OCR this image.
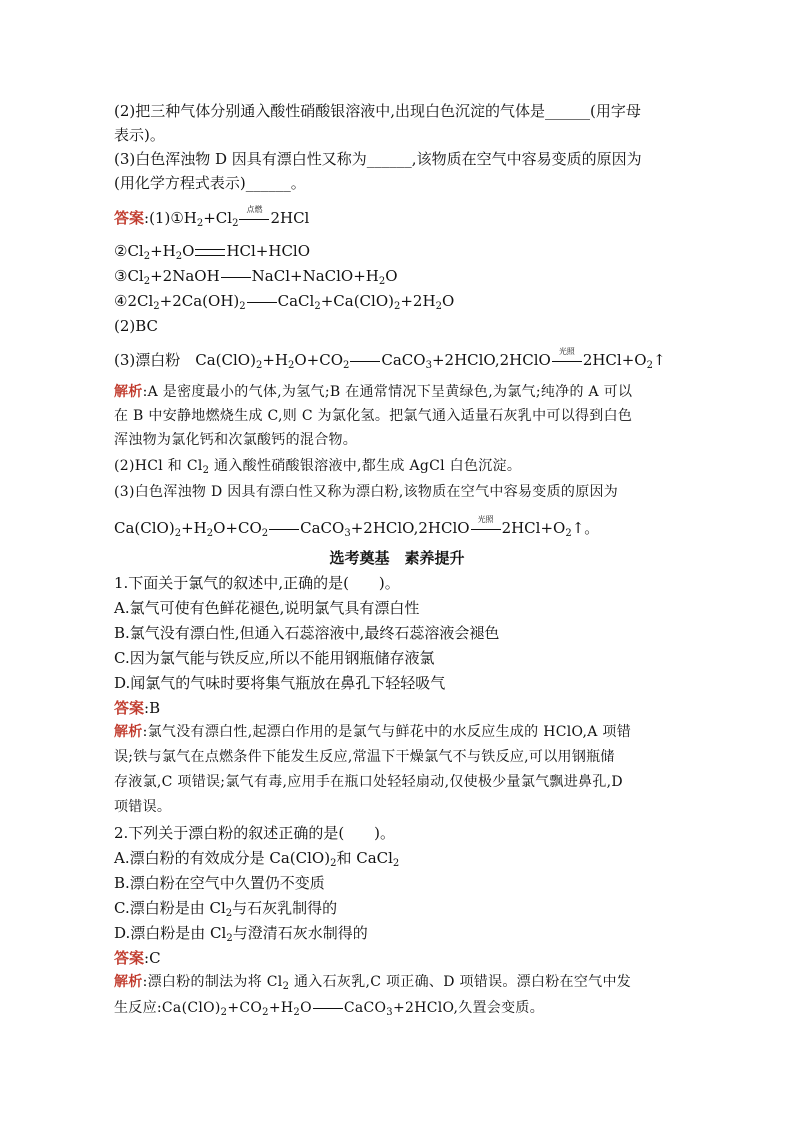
(2)把三种气体分别通入酸性硝酸银溶液中,出现白色沉淀的气体是______(用字母
表示)。
(3)白色浑浊物 D 因具有漂白性又称为______,该物质在空气中容易变质的原因为
(用化学方程式表示)______。
答案$:(1)①H_2+Cl_2$
点燃 2HCl
$②Cl_2+H_2O$ HCl+HClO
$③Cl_2+2NaOH$ $NaCl+NaClO+H_2O$
$④2Cl_2+2Ca(OH)_2$ $CaCl_2+Ca(ClO)_2+2H_2O$
(2)BC
(3)漂白粉　$Ca(ClO)_2+H_2O+CO_2$ CaCO$_3$+2HClO,2HClO	光照 $2HCl+O_2↑$
解析:A 是密度最小的气体,为氢气;B 在通常情况下呈黄绿色,为氯气;纯净的 A 可以
在 B 中安静地燃烧生成 C,则 C 为氯化氢。把氯气通入适量石灰乳中可以得到白色
浑浊物为氯化钙和次氯酸钙的混合物。
(2)HCl 和 $Cl_2$ 通入酸性硝酸银溶液中,都生成 AgCl 白色沉淀。
(3)白色浑浊物 D 因具有漂白性又称为漂白粉,该物质在空气中容易变质的原因为
$Ca(ClO)_2+H_2O+CO_2$ CaCO$_3$+2HClO,2HClO	光照 $2HCl+O_2↑$。
选考奠基　素养提升
1.下面关于氯气的叙述中,正确的是(　　)。
A.氯气可使有色鲜花褪色,说明氯气具有漂白性
B.氯气没有漂白性,但通入石蕊溶液中,最终石蕊溶液会褪色
C.因为氯气能与铁反应,所以不能用钢瓶储存液氯
D.闻氯气的气味时要将集气瓶放在鼻孔下轻轻吸气
答案:B
解析:氯气没有漂白性,起漂白作用的是氯气与鲜花中的水反应生成的 HClO,A 项错
误;铁与氯气在点燃条件下能发生反应,常温下干燥氯气不与铁反应,可以用钢瓶储
存液氯,C 项错误;氯气有毒,应用手在瓶口处轻轻扇动,仅使极少量氯气飘进鼻孔,D
项错误。
2.下列关于漂白粉的叙述正确的是(　　)。
A.漂白粉的有效成分是 $Ca(ClO)_2$和 CaCl$_2$
B.漂白粉在空气中久置仍不变质
C.漂白粉是由 $Cl_2$与石灰乳制得的
D.漂白粉是由 $Cl_2$与澄清石灰水制得的
答案:C
解析:漂白粉的制法为将 $Cl_2$ 通入石灰乳,C 项正确、D 项错误。漂白粉在空气中发
生反应$:Ca(ClO)_2+CO_2+H_2O$ CaCO$_3$+2HClO,久置会变质。
